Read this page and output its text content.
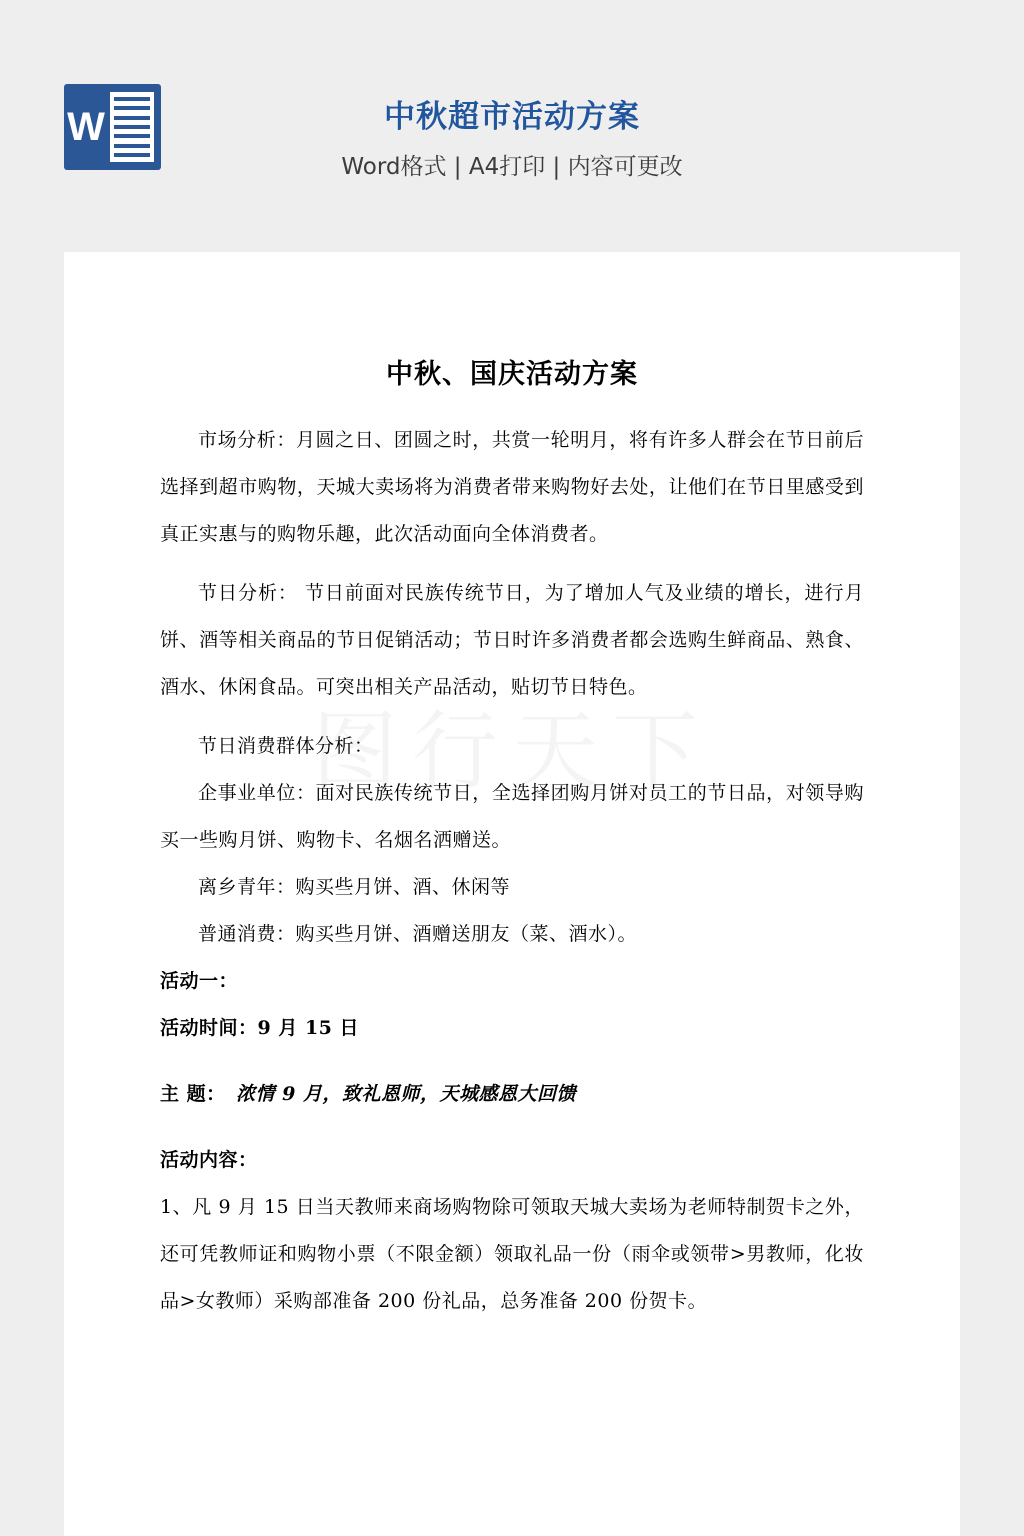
W	中秋超市活动方案
Word格式 | A4打印 | 内容可更改
中秋、国庆活动方案

市场分析：月圆之日、团圆之时，共赏一轮明月，将有许多人群会在节日前后选择到超市购物，天城大卖场将为消费者带来购物好去处，让他们在节日里感受到真正实惠与的购物乐趣，此次活动面向全体消费者。

节日分析： 节日前面对民族传统节日，为了增加人气及业绩的增长，进行月饼、酒等相关商品的节日促销活动；节日时许多消费者都会选购生鲜商品、熟食、酒水、休闲食品。可突出相关产品活动，贴切节日特色。

节日消费群体分析：

企事业单位：面对民族传统节日，全选择团购月饼对员工的节日品，对领导购买一些购月饼、购物卡、名烟名洒赠送。

离乡青年：购买些月饼、酒、休闲等

普通消费：购买些月饼、酒赠送朋友（菜、酒水）。

活动一：

活动时间：9 月 15 日

主 题： 浓情 9 月，致礼恩师，天城感恩大回馈

活动内容：

1、凡 9 月 15 日当天教师来商场购物除可领取天城大卖场为老师特制贺卡之外，还可凭教师证和购物小票（不限金额）领取礼品一份（雨伞或领带>男教师，化妆品>女教师）采购部准备 200 份礼品，总务准备 200 份贺卡。
